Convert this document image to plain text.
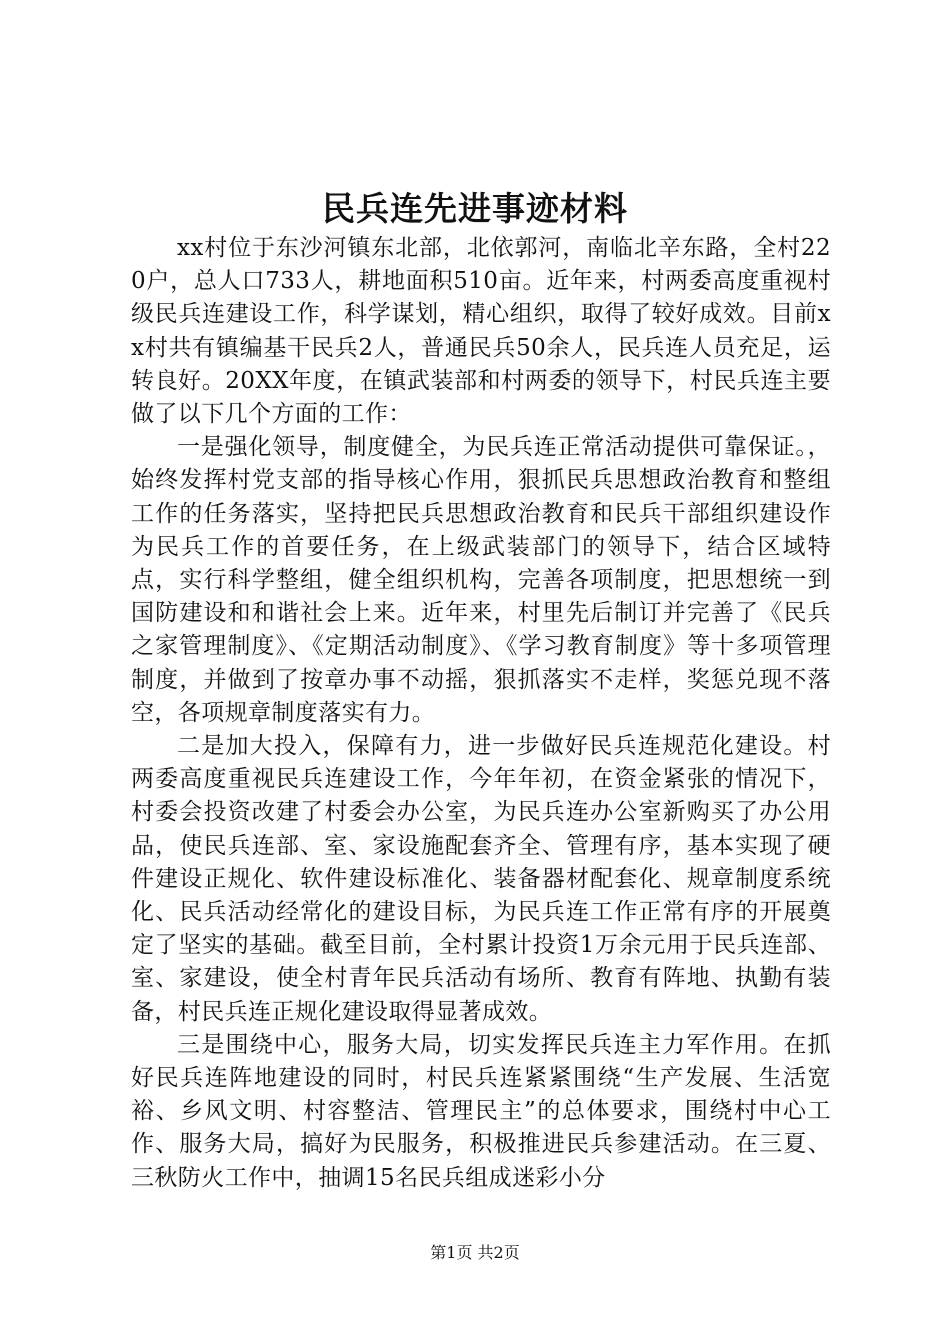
民兵连先进事迹材料

xx村位于东沙河镇东北部，北依郭河，南临北辛东路，全村220户，总人口733人，耕地面积510亩。近年来，村两委高度重视村级民兵连建设工作，科学谋划，精心组织，取得了较好成效。目前xx村共有镇编基干民兵2人，普通民兵50余人，民兵连人员充足，运转良好。20XX年度，在镇武装部和村两委的领导下，村民兵连主要做了以下几个方面的工作：

一是强化领导，制度健全，为民兵连正常活动提供可靠保证。，始终发挥村党支部的指导核心作用，狠抓民兵思想政治教育和整组工作的任务落实，坚持把民兵思想政治教育和民兵干部组织建设作为民兵工作的首要任务，在上级武装部门的领导下，结合区域特点，实行科学整组，健全组织机构，完善各项制度，把思想统一到国防建设和和谐社会上来。近年来，村里先后制订并完善了《民兵之家管理制度》、《定期活动制度》、《学习教育制度》等十多项管理制度，并做到了按章办事不动摇，狠抓落实不走样，奖惩兑现不落空，各项规章制度落实有力。

二是加大投入，保障有力，进一步做好民兵连规范化建设。村两委高度重视民兵连建设工作，今年年初，在资金紧张的情况下，村委会投资改建了村委会办公室，为民兵连办公室新购买了办公用品，使民兵连部、室、家设施配套齐全、管理有序，基本实现了硬件建设正规化、软件建设标准化、装备器材配套化、规章制度系统化、民兵活动经常化的建设目标，为民兵连工作正常有序的开展奠定了坚实的基础。截至目前，全村累计投资1万余元用于民兵连部、室、家建设，使全村青年民兵活动有场所、教育有阵地、执勤有装备，村民兵连正规化建设取得显著成效。

三是围绕中心，服务大局，切实发挥民兵连主力军作用。在抓好民兵连阵地建设的同时，村民兵连紧紧围绕“生产发展、生活宽裕、乡风文明、村容整洁、管理民主”的总体要求，围绕村中心工作、服务大局，搞好为民服务，积极推进民兵参建活动。在三夏、三秋防火工作中，抽调15名民兵组成迷彩小分

第1页 共2页
